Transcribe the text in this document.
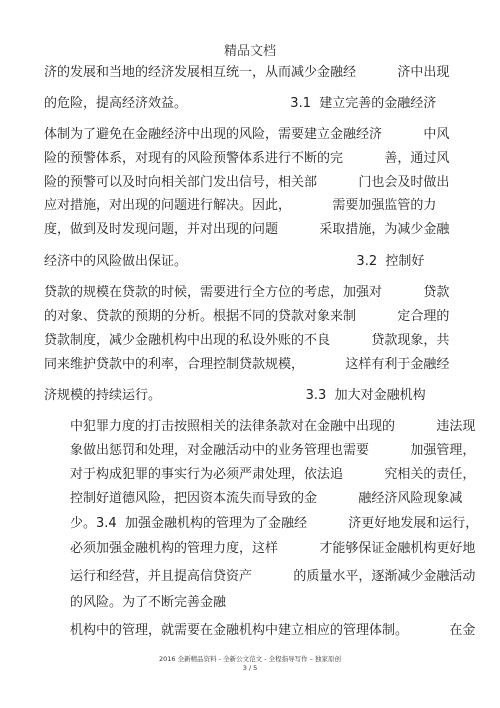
精品文档
济的发展和当地的经济发展相互统一，从而减少金融经          济中出现
的危险，提高经济效益。                         3.1  建立完善的金融经济
体制为了避免在金融经济中出现的风险，需要建立金融经济          中风
险的预警体系，对现有的风险预警体系进行不断的完          善，通过风
险的预警可以及时向相关部门发出信号，相关部          门也会及时做出
应对措施，对出现的问题进行解决。因此，          需要加强监管的力
度，做到及时发现问题，并对出现的问题          采取措施，为减少金融
经济中的风险做出保证。                                         3.2  控制好
贷款的规模在贷款的时候，需要进行全方位的考虑，加强对          贷款
的对象、贷款的预期的分析。根据不同的贷款对象来制          定合理的
贷款制度，减少金融机构中出现的私设外账的不良          贷款现象，共
同来维护贷款中的利率，合理控制贷款规模，          这样有利于金融经
济规模的持续运行。                                   3.3  加大对金融机构
中犯罪力度的打击按照相关的法律条款对在金融中出现的          违法现
象做出惩罚和处理，对金融活动中的业务管理也需要          加强管理，
对于构成犯罪的事实行为必须严肃处理，依法追          究相关的责任，
控制好道德风险，把因资本流失而导致的金          融经济风险现象减
少。3.4  加强金融机构的管理为了金融经          济更好地发展和运行，
必须加强金融机构的管理力度，这样          才能够保证金融机构更好地
运行和经营，并且提高信贷资产          的质量水平，逐渐减少金融活动
的风险。为了不断完善金融
机构中的管理，就需要在金融机构中建立相应的管理体制。          在金
2016 全新精品资料 - 全新公文范文 - 全程指导写作 – 独家原创
3 / 5
